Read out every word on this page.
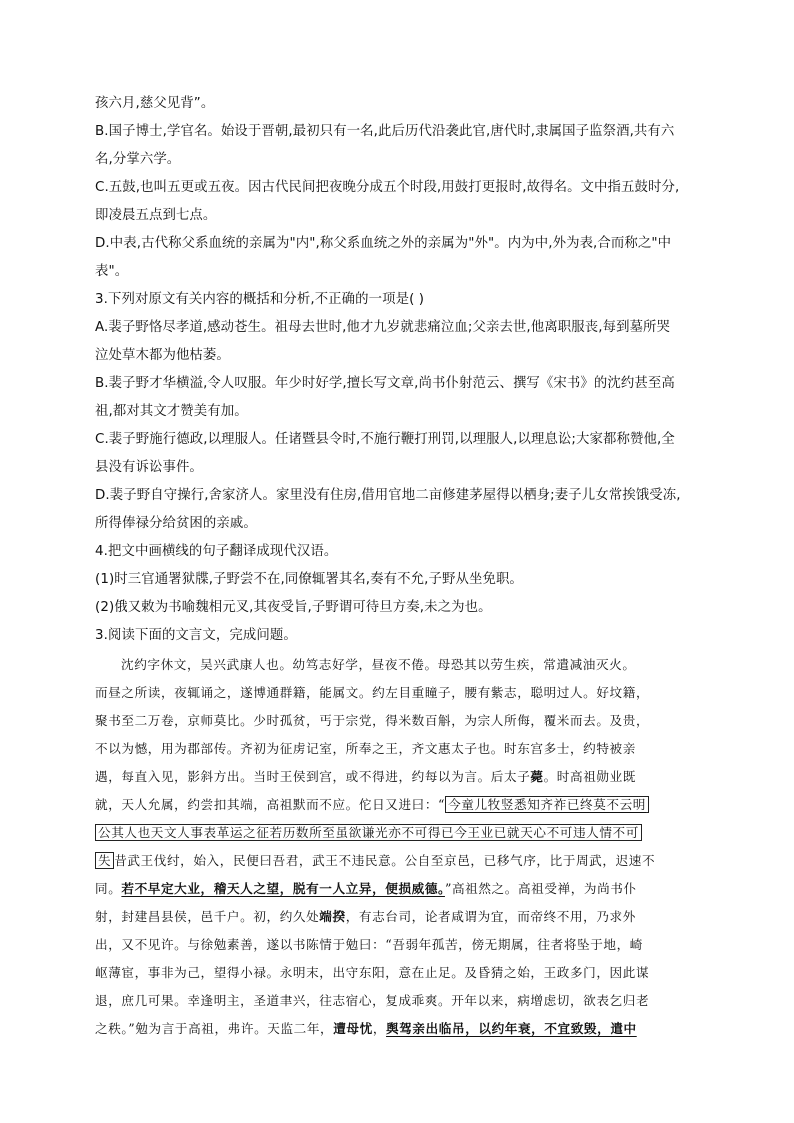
孩六月,慈父见背”。
B.国子博士,学官名。始设于晋朝,最初只有一名,此后历代沿袭此官,唐代时,隶属国子监祭酒,共有六
名,分掌六学。
C.五鼓,也叫五更或五夜。因古代民间把夜晚分成五个时段,用鼓打更报时,故得名。文中指五鼓时分,
即凌晨五点到七点。
D.中表,古代称父系血统的亲属为"内",称父系血统之外的亲属为"外"。内为中,外为表,合而称之"中
表"。
3.下列对原文有关内容的概括和分析,不正确的一项是( )
A.裴子野恪尽孝道,感动苍生。祖母去世时,他才九岁就悲痛泣血;父亲去世,他离职服丧,每到墓所哭
泣处草木都为他枯萎。
B.裴子野才华横溢,令人叹服。年少时好学,擅长写文章,尚书仆射范云、撰写《宋书》的沈约甚至高
祖,都对其文才赞美有加。
C.裴子野施行德政,以理服人。任诸暨县令时,不施行鞭打刑罚,以理服人,以理息讼;大家都称赞他,全
县没有诉讼事件。
D.裴子野自守操行,舍家济人。家里没有住房,借用官地二亩修建茅屋得以栖身;妻子儿女常挨饿受冻,
所得俸禄分给贫困的亲戚。
4.把文中画横线的句子翻译成现代汉语。
(1)时三官通署狱牒,子野尝不在,同僚辄署其名,奏有不允,子野从坐免职。
(2)俄又敕为书喻魏相元叉,其夜受旨,子野谓可待旦方奏,未之为也。
3.阅读下面的文言文，完成问题。
沈约字休文，吴兴武康人也。幼笃志好学，昼夜不倦。母恐其以劳生疾，常遣减油灭火。
而昼之所读，夜辄诵之，遂博通群籍，能属文。约左目重瞳子，腰有紫志，聪明过人。好坟籍，
聚书至二万卷，京师莫比。少时孤贫，丐于宗党，得米数百斛，为宗人所侮，覆米而去。及贵，
不以为憾，用为郡部传。齐初为征虏记室，所奉之王，齐文惠太子也。时东宫多士，约特被亲
遇，每直入见，影斜方出。当时王侯到宫，或不得进，约每以为言。后太子薨。时高祖勋业既
就，天人允属，约尝扣其端，高祖默而不应。佗日又进曰：“ 今童儿牧竖悉知齐祚已终莫不云明
公其人也天文人事表革运之征若历数所至虽欲谦光亦不可得已今王业已就天心不可违人情不可
失 昔武王伐纣，始入，民便曰吾君，武王不违民意。公自至京邑，已移气序，比于周武，迟速不
同。若不早定大业，稽天人之望，脱有一人立异，便损威德。”高祖然之。高祖受禅，为尚书仆
射，封建昌县侯，邑千户。初，约久处端揆，有志台司，论者咸谓为宜，而帝终不用，乃求外
出，又不见许。与徐勉素善，遂以书陈情于勉曰：“吾弱年孤苦，傍无期属，往者将坠于地，崎
岖薄宦，事非为己，望得小禄。永明末，出守东阳，意在止足。及昏猜之始，王政多门，因此谋
退，庶几可果。幸逢明主，圣道聿兴，往志宿心，复成乖爽。开年以来，病增虑切，欲表乞归老
之秩。”勉为言于高祖，弗许。天监二年，遭母忧，舆驾亲出临吊，以约年衰，不宜致毁，遣中
